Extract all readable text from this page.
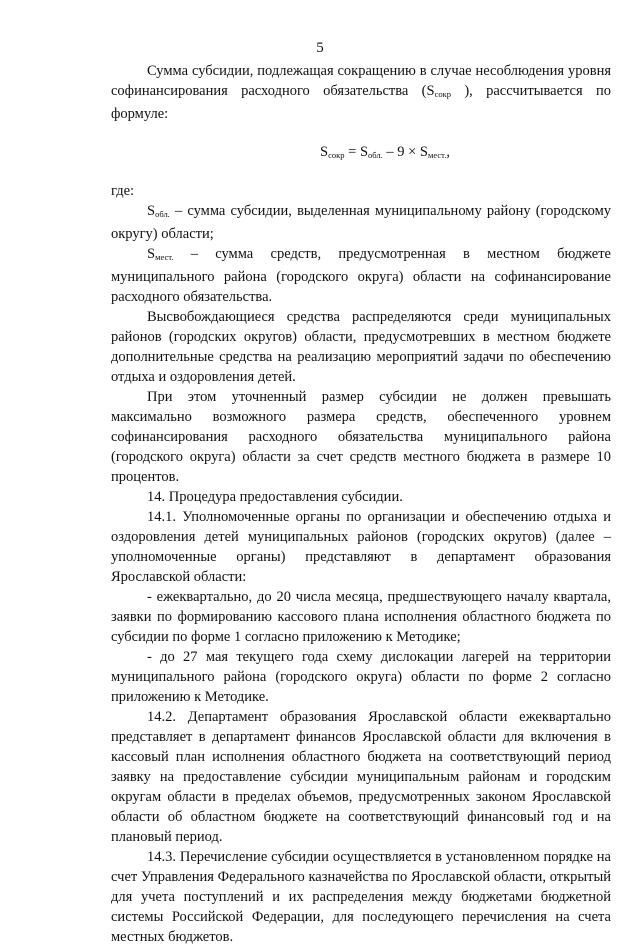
5

Сумма субсидии, подлежащая сокращению в случае несоблюдения уровня софинансирования расходного обязательства ($S_{сокр}$ ), рассчитывается по формуле:

$S_{сокр} = S_{обл.} - 9 \times S_{мест.}$,

где:

$S_{обл.}$ – сумма субсидии, выделенная муниципальному району (городскому округу) области;

$S_{мест.}$ – сумма средств, предусмотренная в местном бюджете муниципального района (городского округа) области на софинансирование расходного обязательства.

Высвобождающиеся средства распределяются среди муниципальных районов (городских округов) области, предусмотревших в местном бюджете дополнительные средства на реализацию мероприятий задачи по обеспечению отдыха и оздоровления детей.

При этом уточненный размер субсидии не должен превышать максимально возможного размера средств, обеспеченного уровнем софинансирования расходного обязательства муниципального района (городского округа) области за счет средств местного бюджета в размере 10 процентов.

14. Процедура предоставления субсидии.

14.1. Уполномоченные органы по организации и обеспечению отдыха и оздоровления детей муниципальных районов (городских округов) (далее – уполномоченные органы) представляют в департамент образования Ярославской области:

- ежеквартально, до 20 числа месяца, предшествующего началу квартала, заявки по формированию кассового плана исполнения областного бюджета по субсидии по форме 1 согласно приложению к Методике;

- до 27 мая текущего года схему дислокации лагерей на территории муниципального района (городского округа) области по форме 2 согласно приложению к Методике.

14.2. Департамент образования Ярославской области ежеквартально представляет в департамент финансов Ярославской области для включения в кассовый план исполнения областного бюджета на соответствующий период заявку на предоставление субсидии муниципальным районам и городским округам области в пределах объемов, предусмотренных законом Ярославской области об областном бюджете на соответствующий финансовый год и на плановый период.

14.3. Перечисление субсидии осуществляется в установленном порядке на счет Управления Федерального казначейства по Ярославской области, открытый для учета поступлений и их распределения между бюджетами бюджетной системы Российской Федерации, для последующего перечисления на счета местных бюджетов.
